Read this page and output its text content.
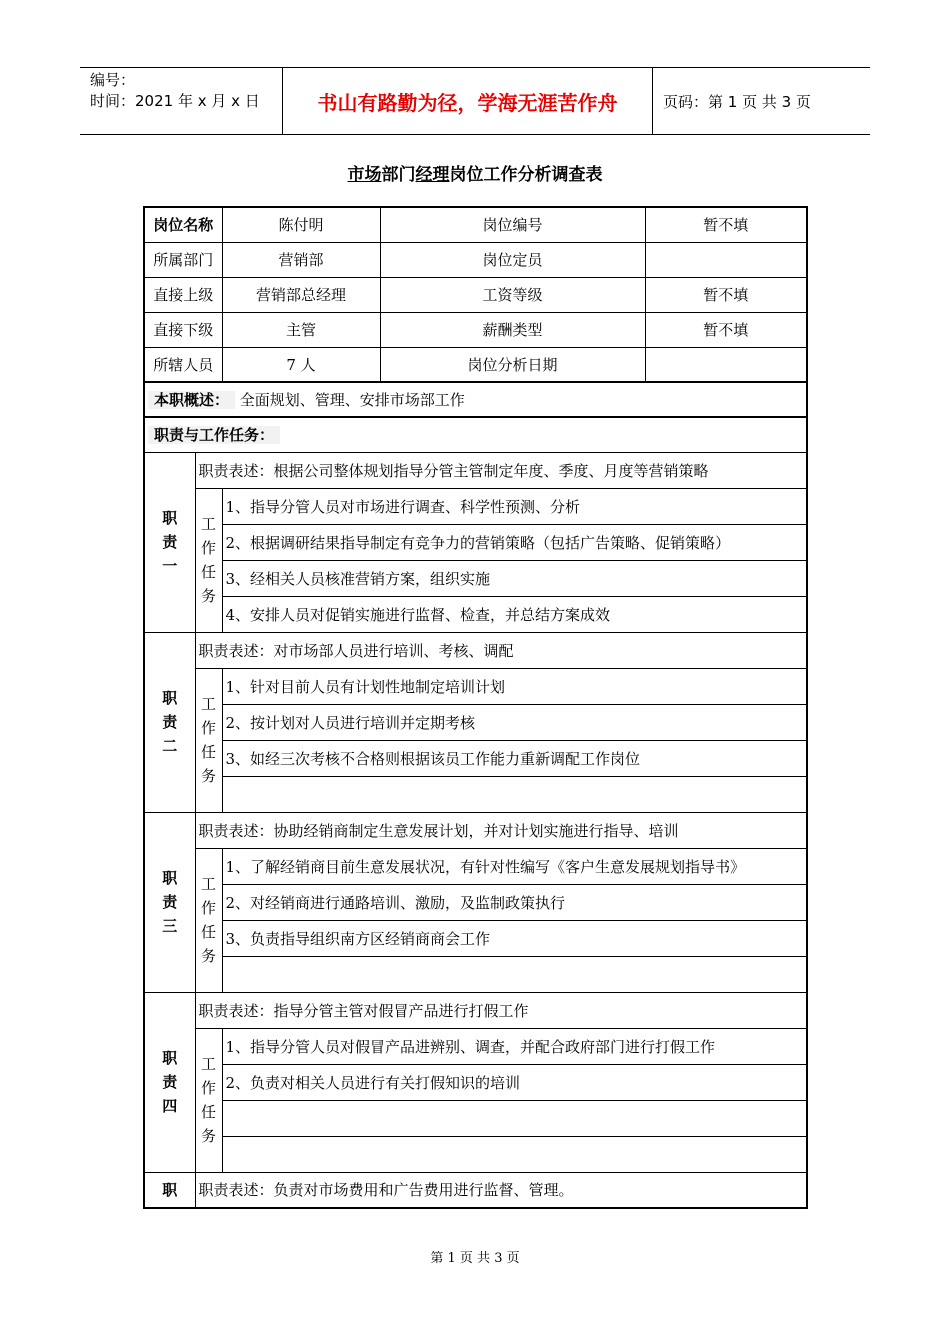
编号：
时间：2021 年 x 月 x 日	书山有路勤为径，学海无涯苦作舟	页码：第 1 页 共 3 页
市场部门经理岗位工作分析调查表
岗位名称		陈付明	岗位编号	暂不填
所属部门		营销部	岗位定员	
直接上级		营销部总经理	工资等级	暂不填
直接下级		主管	薪酬类型	暂不填
所辖人员		7 人	岗位分析日期	
本职概述： 全面规划、管理、安排市场部工作				
职责与工作任务：				

职
责
一	职责表述：根据公司整体规划指导分管主管制定年度、季度、月度等营销策略			

	工
作
任
务	1、指导分管人员对市场进行调查、科学性预测、分析		
		2、根据调研结果指导制定有竞争力的营销策略（包括广告策略、促销策略）		
		3、经相关人员核准营销方案，组织实施		
		4、安排人员对促销实施进行监督、检查，并总结方案成效		

职
责
二	职责表述：对市场部人员进行培训、考核、调配			

	工
作
任
务	1、针对目前人员有计划性地制定培训计划		
		2、按计划对人员进行培训并定期考核		
		3、如经三次考核不合格则根据该员工作能力重新调配工作岗位		

职
责
三	职责表述：协助经销商制定生意发展计划，并对计划实施进行指导、培训			

	工
作
任
务	1、了解经销商目前生意发展状况，有针对性编写《客户生意发展规划指导书》		
		2、对经销商进行通路培训、激励，及监制政策执行		
		3、负责指导组织南方区经销商商会工作		

职
责
四	职责表述：指导分管主管对假冒产品进行打假工作			

	工
作
任
务	1、指导分管人员对假冒产品进辨别、调查，并配合政府部门进行打假工作		
		2、负责对相关人员进行有关打假知识的培训		

职	职责表述：负责对市场费用和广告费用进行监督、管理。			
第 1 页 共 3 页
